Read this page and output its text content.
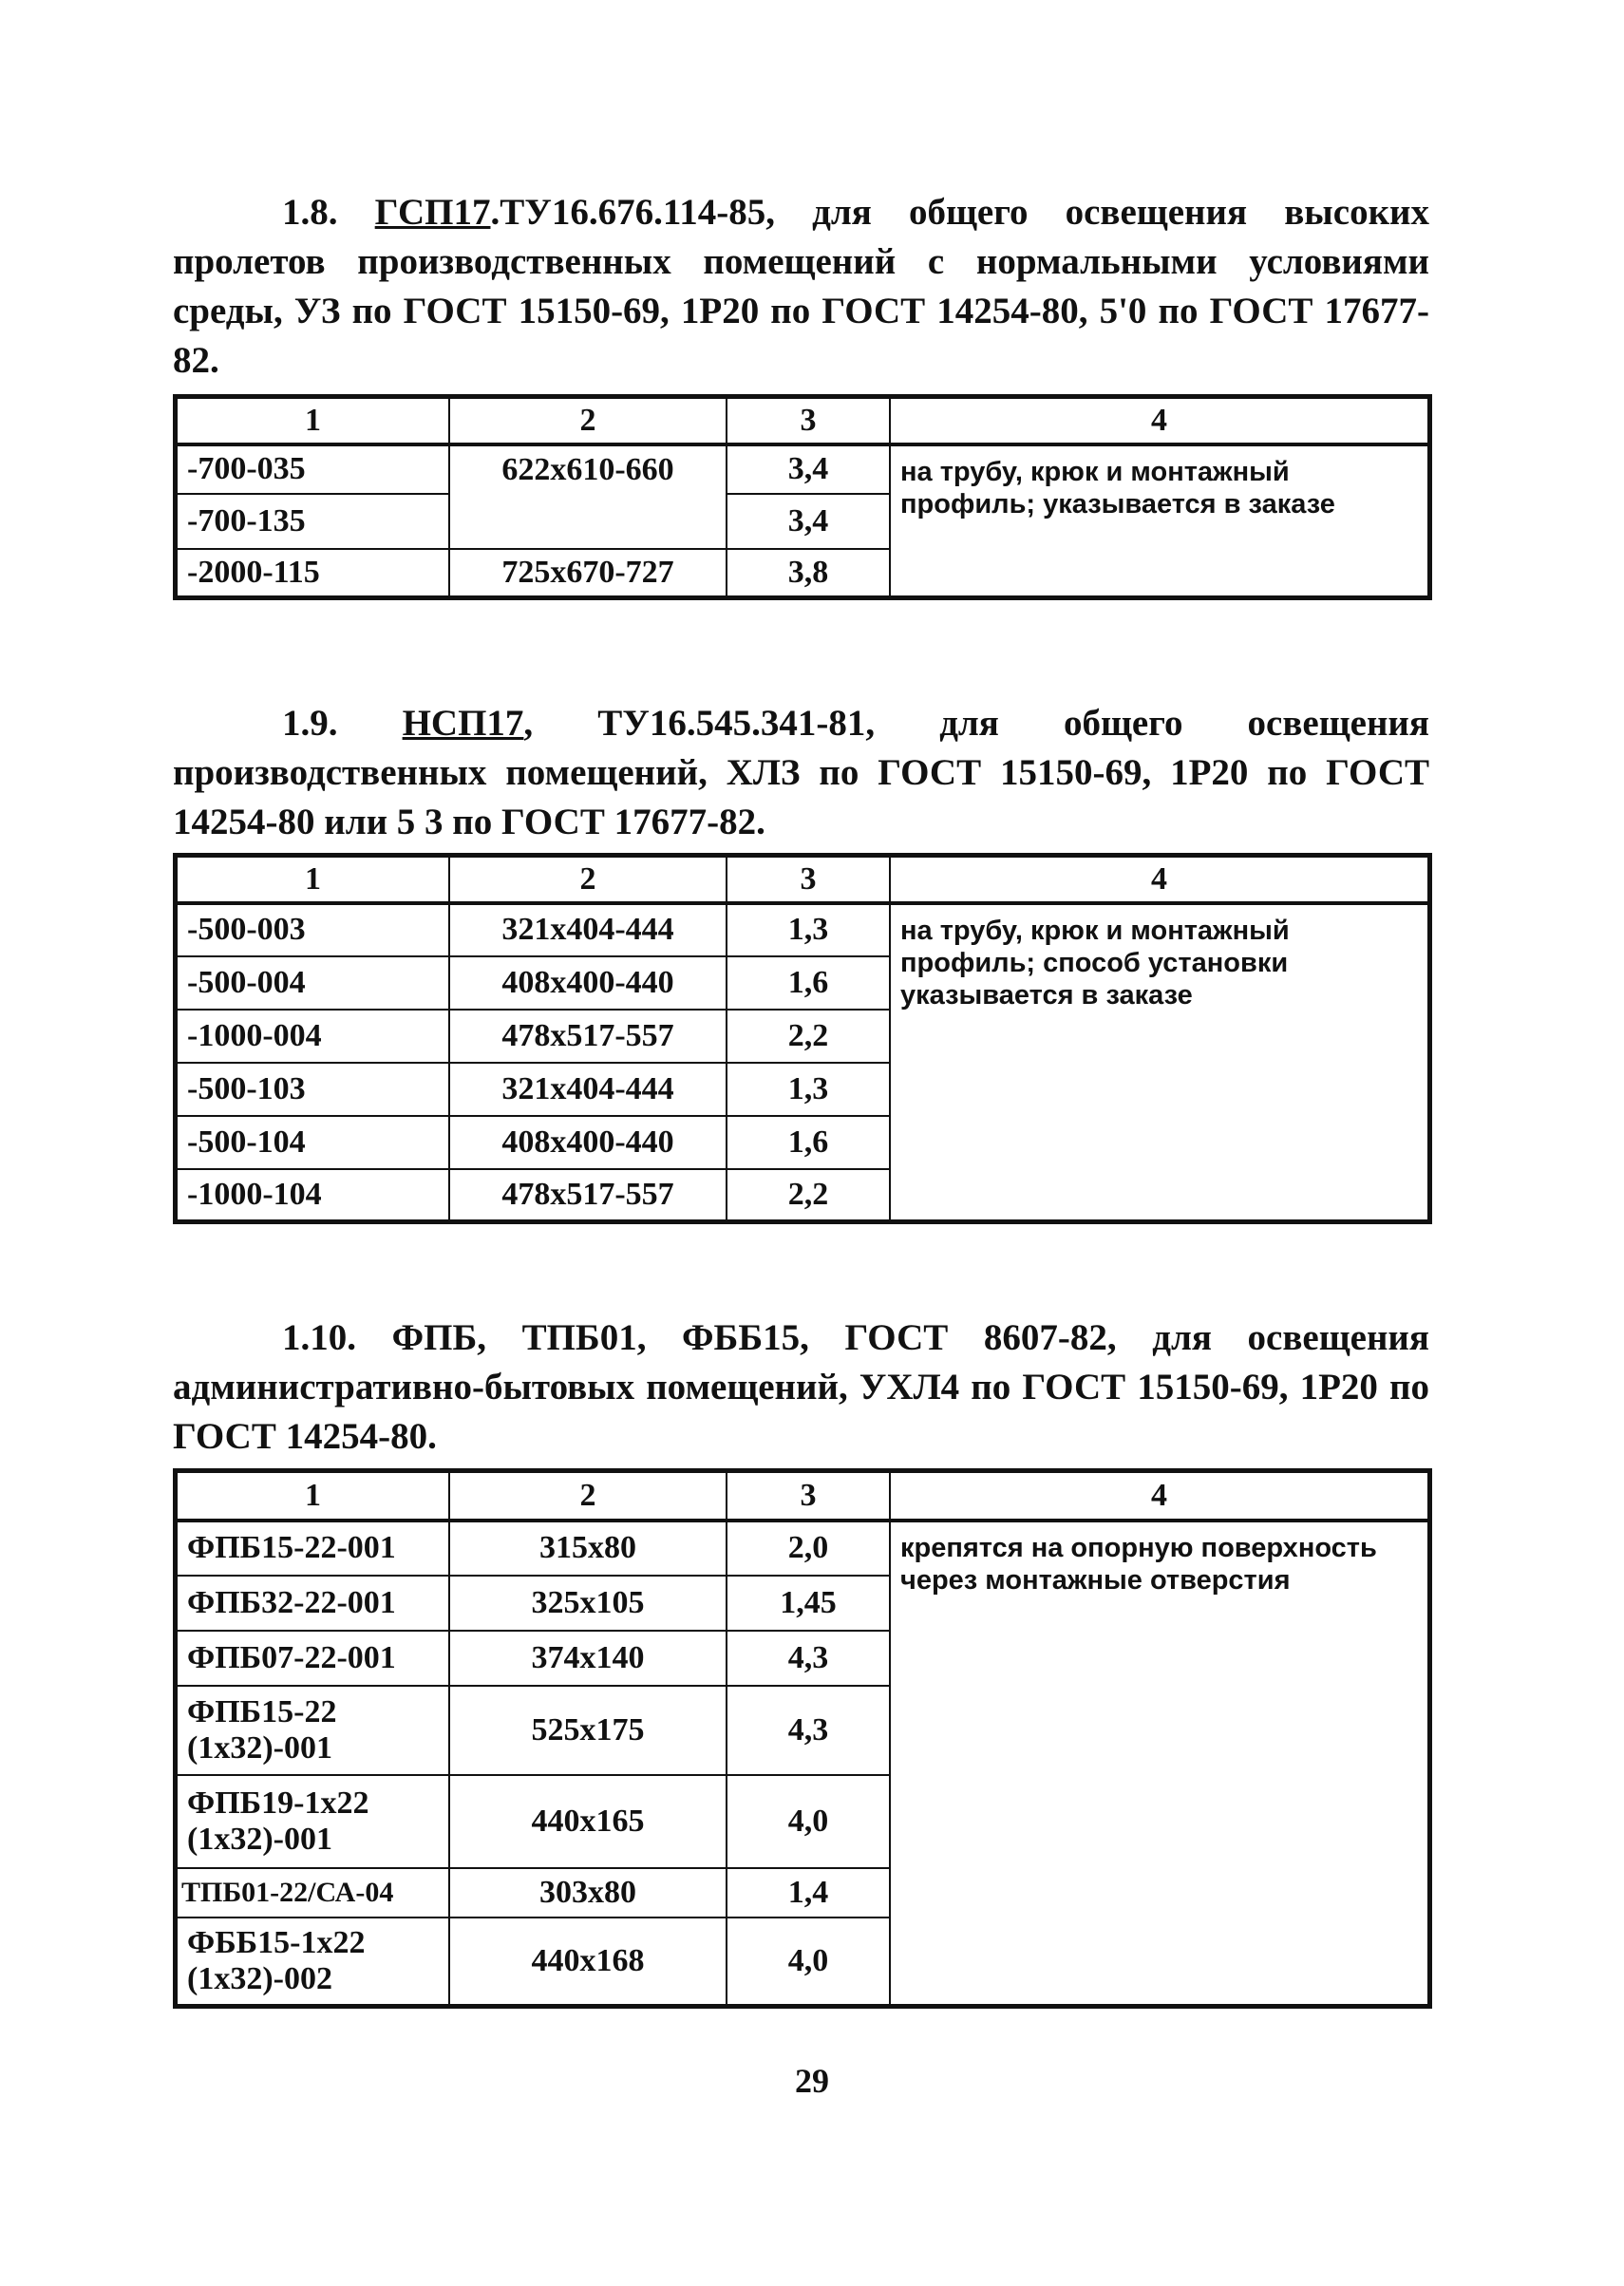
1.8. ГСП17.ТУ16.676.114-85, для общего освещения высоких пролетов производственных помещений с нормальными условиями среды, УЗ по ГОСТ 15150-69, 1Р20 по ГОСТ 14254-80, 5'0 по ГОСТ 17677-82.

1	2	3	4
-700-035	622x610-660	3,4	на трубу, крюк и монтажный профиль; указывается в заказе
-700-135		3,4	
-2000-115	725x670-727	3,8	

1.9. НСП17, ТУ16.545.341-81, для общего освещения производственных помещений, ХЛЗ по ГОСТ 15150-69, 1Р20 по ГОСТ 14254-80 или 5 3 по ГОСТ 17677-82.

1	2	3	4
-500-003	321x404-444	1,3	на трубу, крюк и монтажный профиль; способ установки указывается в заказе
-500-004	408x400-440	1,6	
-1000-004	478x517-557	2,2	
-500-103	321x404-444	1,3	
-500-104	408x400-440	1,6	
-1000-104	478x517-557	2,2	

1.10. ФПБ, ТПБ01, ФББ15, ГОСТ 8607-82, для освещения административно-бытовых помещений, УХЛ4 по ГОСТ 15150-69, 1Р20 по ГОСТ 14254-80.

1	2	3	4
ФПБ15-22-001	315x80	2,0	крепятся на опорную поверхность через монтажные отверстия
ФПБ32-22-001	325x105	1,45	
ФПБ07-22-001	374x140	4,3	
ФПБ15-22 (1x32)-001	525x175	4,3	
ФПБ19-1x22 (1x32)-001	440x165	4,0	
ТПБ01-22/СА-04	303x80	1,4	
ФББ15-1x22 (1x32)-002	440x168	4,0	
29
